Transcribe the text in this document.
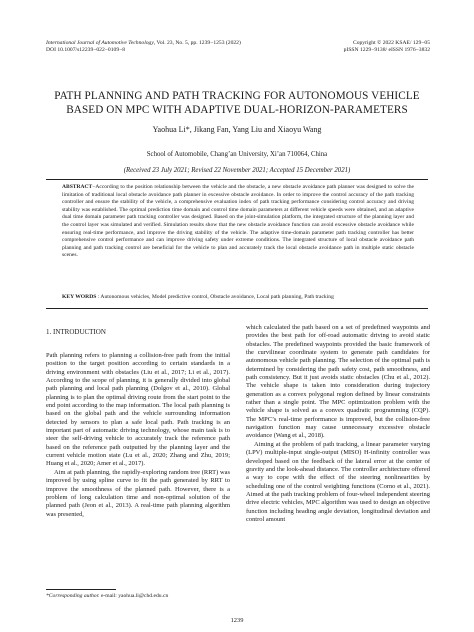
International Journal of Automotive Technology, Vol. 23, No. 5, pp. 1239−1253 (2022)
DOI 10.1007/s12239−022−0109−8
Copyright © 2022 KSAE/ 129−05
pISSN 1229−9138/ eISSN 1976−3832
PATH PLANNING AND PATH TRACKING FOR AUTONOMOUS VEHICLE BASED ON MPC WITH ADAPTIVE DUAL-HORIZON-PARAMETERS
Yaohua Li*, Jikang Fan, Yang Liu and Xiaoyu Wang
School of Automobile, Chang’an University, Xi’an 710064, China
(Received 23 July 2021; Revised 22 November 2021; Accepted 15 December 2021)
ABSTRACT−According to the position relationship between the vehicle and the obstacle, a new obstacle avoidance path planner was designed to solve the limitation of traditional local obstacle avoidance path planner in excessive obstacle avoidance. In order to improve the control accuracy of the path tracking controller and ensure the stability of the vehicle, a comprehensive evaluation index of path tracking performance considering control accuracy and driving stability was established. The optimal prediction time domain and control time domain parameters at different vehicle speeds were obtained, and an adaptive dual time domain parameter path tracking controller was designed. Based on the joint-simulation platform, the integrated structure of the planning layer and the control layer was simulated and verified. Simulation results show that the new obstacle avoidance function can avoid excessive obstacle avoidance while ensuring real-time performance, and improve the driving stability of the vehicle. The adaptive time-domain parameter path tracking controller has better comprehensive control performance and can improve driving safety under extreme conditions. The integrated structure of local obstacle avoidance path planning and path tracking control are beneficial for the vehicle to plan and accurately track the local obstacle avoidance path in multiple static obstacle scenes.
KEY WORDS : Autonomous vehicles, Model predictive control, Obstacle avoidance, Local path planning, Path tracking
1. INTRODUCTION

Path planning refers to planning a collision-free path from the initial position to the target position according to certain standards in a driving environment with obstacles (Liu et al., 2017; Li et al., 2017). According to the scope of planning, it is generally divided into global path planning and local path planning (Dolgov et al., 2010). Global planning is to plan the optimal driving route from the start point to the end point according to the map information. The local path planning is based on the global path and the vehicle surrounding information detected by sensors to plan a safe local path. Path tracking is an important part of automatic driving technology, whose main task is to steer the self-driving vehicle to accurately track the reference path based on the reference path outputted by the planning layer and the current vehicle motion state (Lu et al., 2020; Zhang and Zhu, 2019; Huang et al., 2020; Amer et al., 2017).

Aim at path planning, the rapidly-exploring random tree (RRT) was improved by using spline curve to fit the path generated by RRT to improve the smoothness of the planned path. However, there is a problem of long calculation time and non-optimal solution of the planned path (Jeon et al., 2013). A real-time path planning algorithm was presented,

which calculated the path based on a set of predefined waypoints and provides the best path for off-road automatic driving to avoid static obstacles. The predefined waypoints provided the basic framework of the curvilinear coordinate system to generate path candidates for autonomous vehicle path planning. The selection of the optimal path is determined by considering the path safety cost, path smoothness, and path consistency. But it just avoids static obstacles (Chu et al., 2012). The vehicle shape is taken into consideration during trajectory generation as a convex polygonal region defined by linear constraints rather than a single point. The MPC optimization problem with the vehicle shape is solved as a convex quadratic programming (CQP). The MPC’s real-time performance is improved, but the collision-free navigation function may cause unnecessary excessive obstacle avoidance (Wang et al., 2018).

Aiming at the problem of path tracking, a linear parameter varying (LPV) multiple-input single-output (MISO) H-infinity controller was developed based on the feedback of the lateral error at the center of gravity and the look-ahead distance. The controller architecture offered a way to cope with the effect of the steering nonlinearities by scheduling one of the control weighting functions (Corno et al., 2021). Aimed at the path tracking problem of four-wheel independent steering drive electric vehicles, MPC algorithm was used to design an objective function including heading angle deviation, longitudinal deviation and control amount

*Corresponding author. e-mail: yaohua.li@chd.edu.cn
1239
